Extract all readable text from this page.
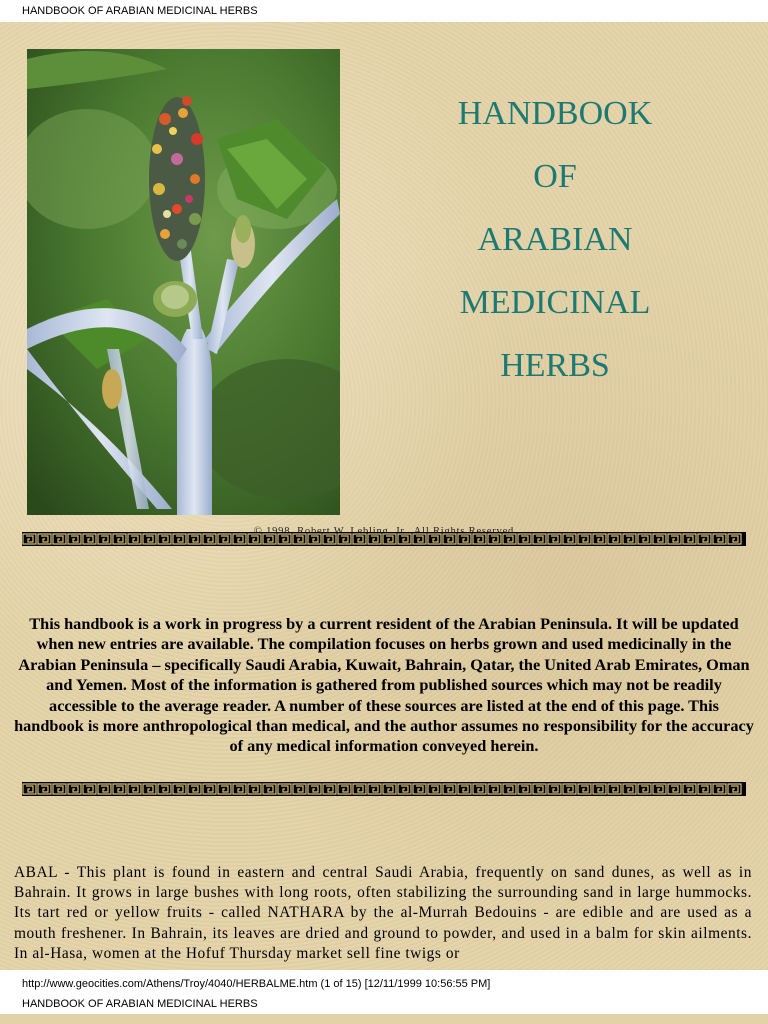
HANDBOOK OF ARABIAN MEDICINAL HERBS
HANDBOOK
OF
ARABIAN
MEDICINAL
HERBS
This handbook is a work in progress by a current resident of the Arabian Peninsula. It will be updated when new entries are available. The compilation focuses on herbs grown and used medicinally in the Arabian Peninsula – specifically Saudi Arabia, Kuwait, Bahrain, Qatar, the United Arab Emirates, Oman and Yemen. Most of the information is gathered from published sources which may not be readily accessible to the average reader. A number of these sources are listed at the end of this page. This handbook is more anthropological than medical, and the author assumes no responsibility for the accuracy of any medical information conveyed herein.
ABAL - This plant is found in eastern and central Saudi Arabia, frequently on sand dunes, as well as in Bahrain. It grows in large bushes with long roots, often stabilizing the surrounding sand in large hummocks. Its tart red or yellow fruits - called NATHARA by the al-Murrah Bedouins - are edible and are used as a mouth freshener. In Bahrain, its leaves are dried and ground to powder, and used in a balm for skin ailments. In al-Hasa, women at the Hofuf Thursday market sell fine twigs or
http://www.geocities.com/Athens/Troy/4040/HERBALME.htm (1 of 15) [12/11/1999 10:56:55 PM]
HANDBOOK OF ARABIAN MEDICINAL HERBS
